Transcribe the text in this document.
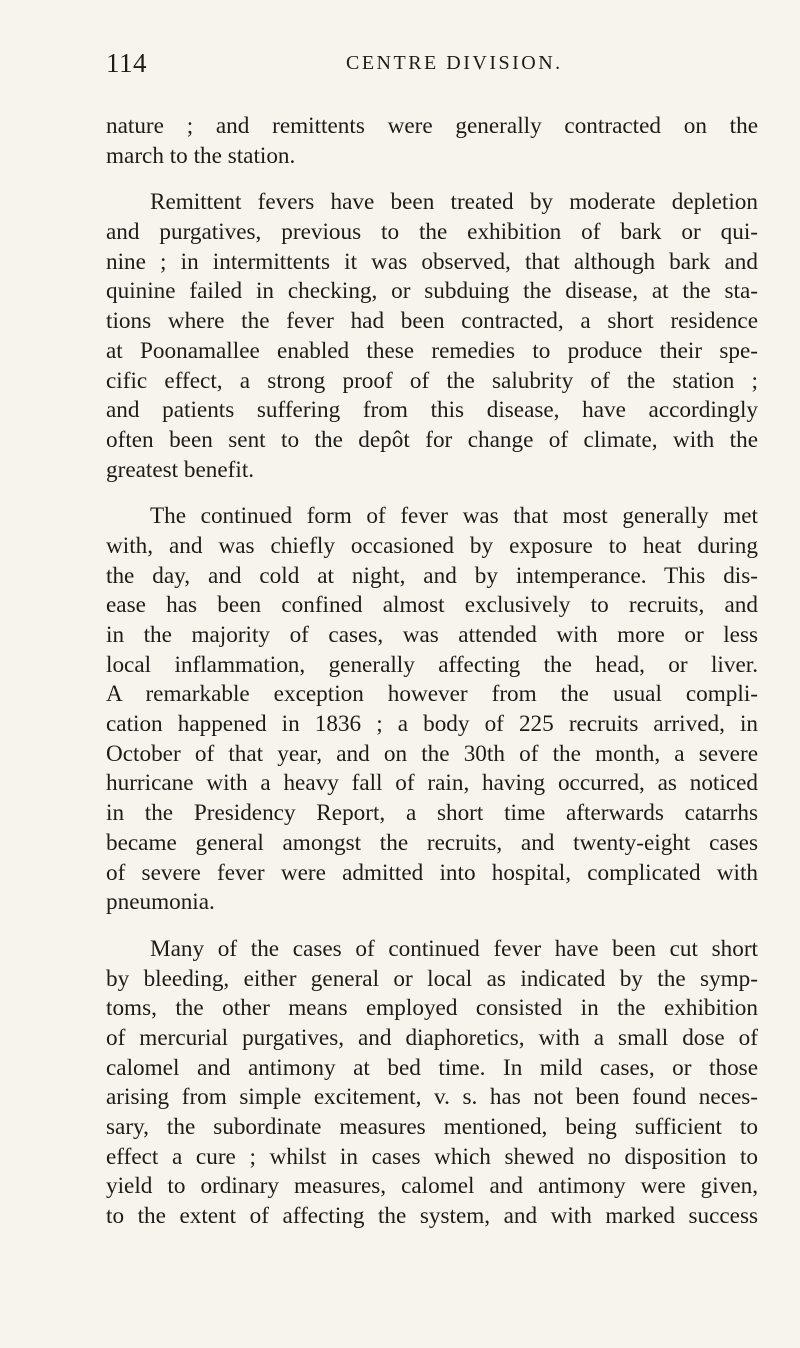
114	CENTRE DIVISION.
nature ; and remittents were generally contracted on the
march to the station.
Remittent fevers have been treated by moderate depletion
and purgatives, previous to the exhibition of bark or qui-
nine ; in intermittents it was observed, that although bark and
quinine failed in checking, or subduing the disease, at the sta-
tions where the fever had been contracted, a short residence
at Poonamallee enabled these remedies to produce their spe-
cific effect, a strong proof of the salubrity of the station ;
and patients suffering from this disease, have accordingly
often been sent to the depôt for change of climate, with the
greatest benefit.
The continued form of fever was that most generally met
with, and was chiefly occasioned by exposure to heat during
the day, and cold at night, and by intemperance. This dis-
ease has been confined almost exclusively to recruits, and
in the majority of cases, was attended with more or less
local inflammation, generally affecting the head, or liver.
A remarkable exception however from the usual compli-
cation happened in 1836 ; a body of 225 recruits arrived, in
October of that year, and on the 30th of the month, a severe
hurricane with a heavy fall of rain, having occurred, as noticed
in the Presidency Report, a short time afterwards catarrhs
became general amongst the recruits, and twenty-eight cases
of severe fever were admitted into hospital, complicated with
pneumonia.
Many of the cases of continued fever have been cut short
by bleeding, either general or local as indicated by the symp-
toms, the other means employed consisted in the exhibition
of mercurial purgatives, and diaphoretics, with a small dose of
calomel and antimony at bed time. In mild cases, or those
arising from simple excitement, v. s. has not been found neces-
sary, the subordinate measures mentioned, being sufficient to
effect a cure ; whilst in cases which shewed no disposition to
yield to ordinary measures, calomel and antimony were given,
to the extent of affecting the system, and with marked success
